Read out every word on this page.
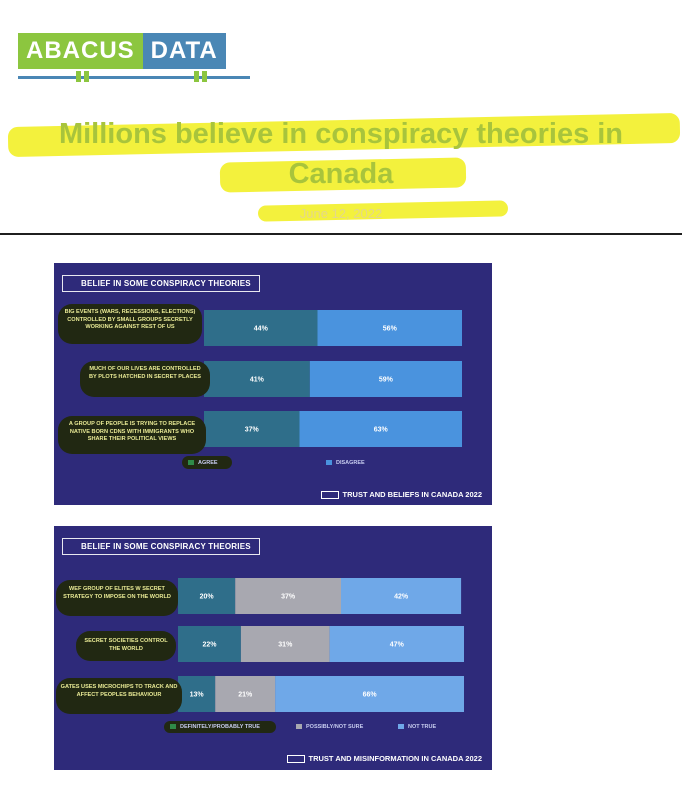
ABACUS DATA
Millions believe in conspiracy theories in
Canada
June 12, 2022
BELIEF IN SOME CONSPIRACY THEORIES
44%	56%
41%	59%
37%	63%
BIG EVENTS (WARS, RECESSIONS, ELECTIONS) CONTROLLED BY SMALL GROUPS SECRETLY WORKING AGAINST REST OF US
MUCH OF OUR LIVES ARE CONTROLLED BY PLOTS HATCHED IN SECRET PLACES
A GROUP OF PEOPLE IS TRYING TO REPLACE NATIVE BORN CDNS WITH IMMIGRANTS WHO SHARE THEIR POLITICAL VIEWS
AGREE	DISAGREE
TRUST AND BELIEFS IN CANADA 2022
BELIEF IN SOME CONSPIRACY THEORIES
20%	37%	42%
22%	31%	47%
13%	21%	66%
WEF GROUP OF ELITES W SECRET STRATEGY TO IMPOSE ON THE WORLD
SECRET SOCIETIES CONTROL THE WORLD
GATES USES MICROCHIPS TO TRACK AND AFFECT PEOPLES BEHAVIOUR
DEFINITELY/PROBABLY TRUE	POSSIBLY/NOT SURE	NOT TRUE
TRUST AND MISINFORMATION IN CANADA 2022
